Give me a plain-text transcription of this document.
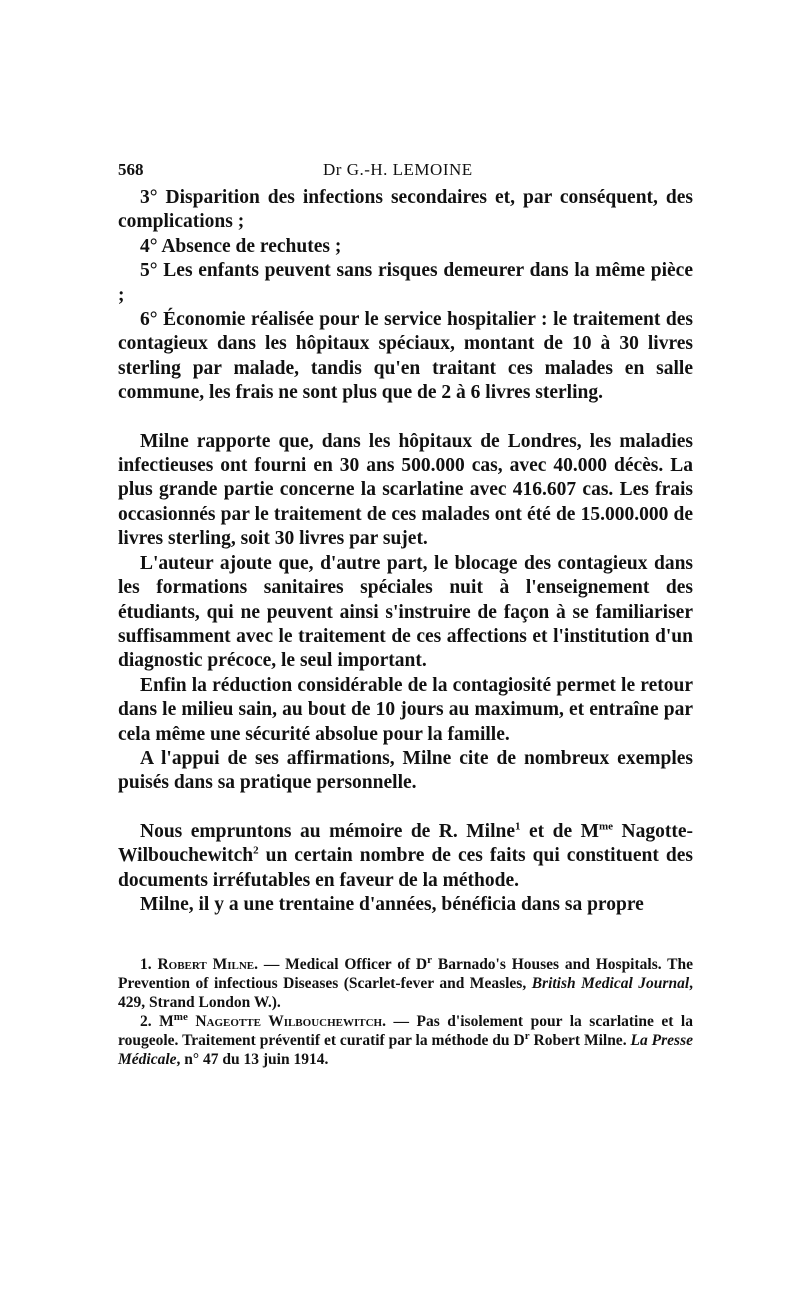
568	Dr G.-H. LEMOINE

3° Disparition des infections secondaires et, par conséquent, des complications ;

4° Absence de rechutes ;

5° Les enfants peuvent sans risques demeurer dans la même pièce ;

6° Économie réalisée pour le service hospitalier : le traitement des contagieux dans les hôpitaux spéciaux, montant de 10 à 30 livres sterling par malade, tandis qu'en traitant ces malades en salle commune, les frais ne sont plus que de 2 à 6 livres sterling.

Milne rapporte que, dans les hôpitaux de Londres, les maladies infectieuses ont fourni en 30 ans 500.000 cas, avec 40.000 décès. La plus grande partie concerne la scarlatine avec 416.607 cas. Les frais occasionnés par le traitement de ces malades ont été de 15.000.000 de livres sterling, soit 30 livres par sujet.

L'auteur ajoute que, d'autre part, le blocage des contagieux dans les formations sanitaires spéciales nuit à l'enseignement des étudiants, qui ne peuvent ainsi s'instruire de façon à se familiariser suffisamment avec le traitement de ces affections et l'institution d'un diagnostic précoce, le seul important.

Enfin la réduction considérable de la contagiosité permet le retour dans le milieu sain, au bout de 10 jours au maximum, et entraîne par cela même une sécurité absolue pour la famille.

A l'appui de ses affirmations, Milne cite de nombreux exemples puisés dans sa pratique personnelle.

Nous empruntons au mémoire de R. Milne$^1$ et de $M^{me}$ Nagotte-Wilbouchewitch$^2$ un certain nombre de ces faits qui constituent des documents irréfutables en faveur de la méthode.

Milne, il y a une trentaine d'années, bénéficia dans sa propre

1. Robert Milne. — Medical Officer of $D^r$ Barnado's Houses and Hospitals. The Prevention of infectious Diseases (Scarlet-fever and Measles, British Medical Journal, 429, Strand London W.).

2. $M^{me}$ Nageotte Wilbouchewitch. — Pas d'isolement pour la scarlatine et la rougeole. Traitement préventif et curatif par la méthode du $D^r$ Robert Milne. La Presse Médicale, n° 47 du 13 juin 1914.
